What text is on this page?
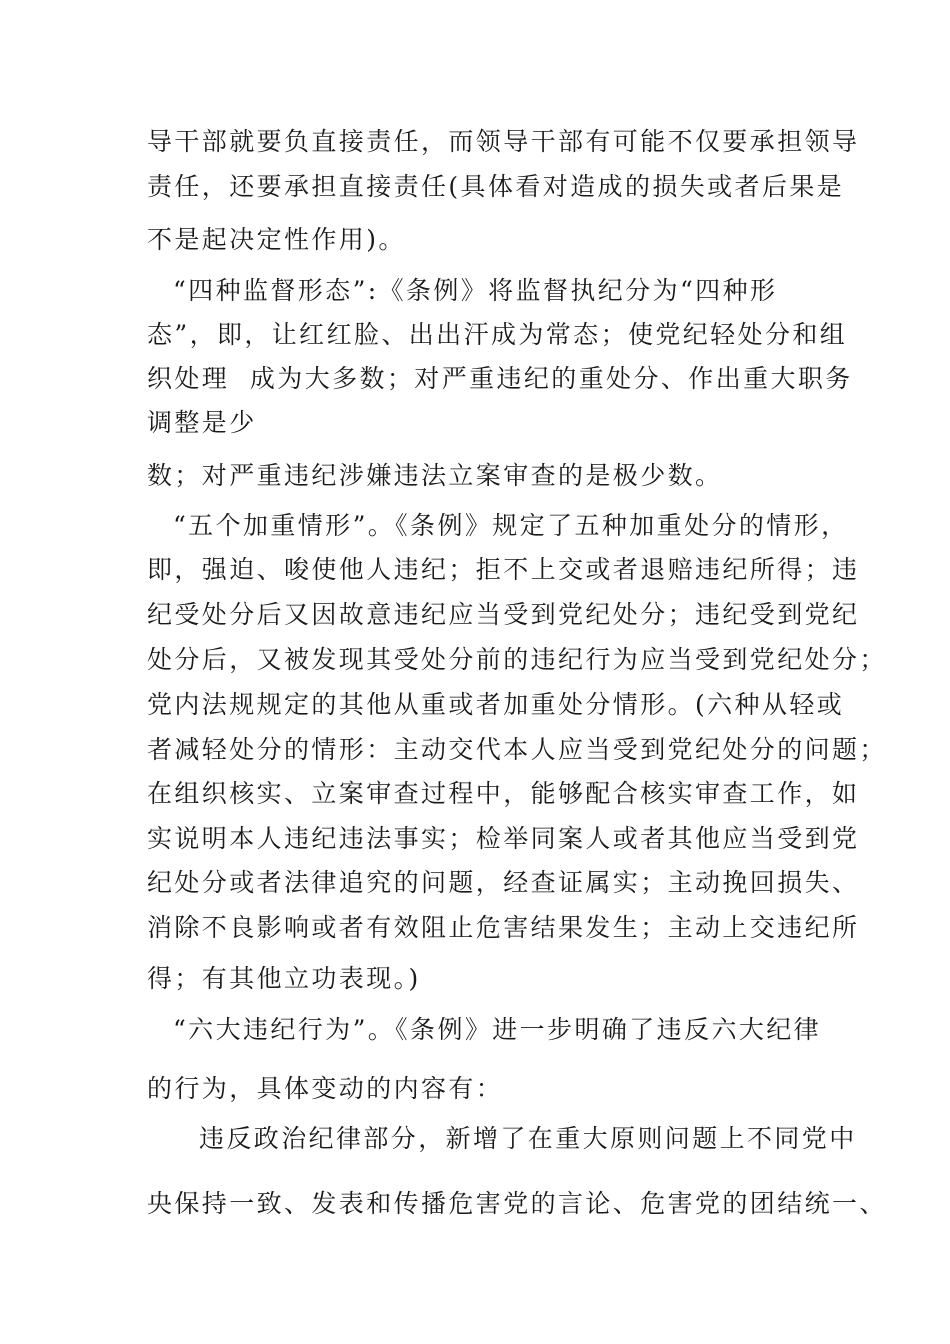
导干部就要负直接责任，而领导干部有可能不仅要承担领导
责任，还要承担直接责任(具体看对造成的损失或者后果是
不是起决定性作用)。
“四种监督形态”:《条例》将监督执纪分为“四种形
态”，即，让红红脸、出出汗成为常态；使党纪轻处分和组
织处理  成为大多数；对严重违纪的重处分、作出重大职务
调整是少
数；对严重违纪涉嫌违法立案审查的是极少数。
“五个加重情形”。《条例》规定了五种加重处分的情形，
即，强迫、唆使他人违纪；拒不上交或者退赔违纪所得；违
纪受处分后又因故意违纪应当受到党纪处分；违纪受到党纪
处分后，又被发现其受处分前的违纪行为应当受到党纪处分；
党内法规规定的其他从重或者加重处分情形。(六种从轻或
者减轻处分的情形：主动交代本人应当受到党纪处分的问题；
在组织核实、立案审查过程中，能够配合核实审查工作，如
实说明本人违纪违法事实；检举同案人或者其他应当受到党
纪处分或者法律追究的问题，经查证属实；主动挽回损失、
消除不良影响或者有效阻止危害结果发生；主动上交违纪所
得；有其他立功表现。)
“六大违纪行为”。《条例》进一步明确了违反六大纪律
的行为，具体变动的内容有：
违反政治纪律部分，新增了在重大原则问题上不同党中
央保持一致、发表和传播危害党的言论、危害党的团结统一、
